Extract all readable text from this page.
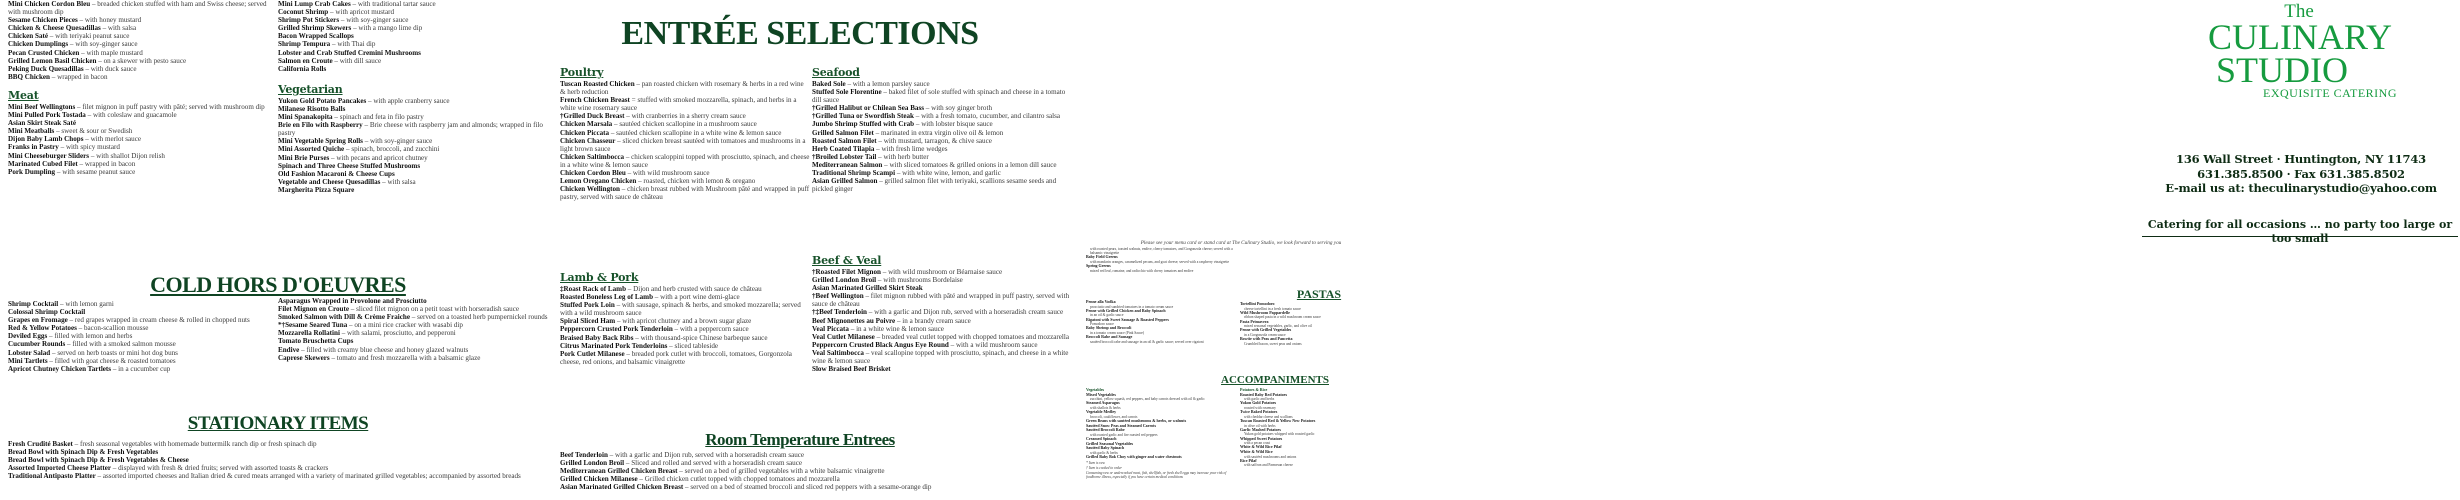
Mini Chicken Cordon Bleu – breaded chicken stuffed with ham and Swiss cheese; served with mushroom dip

Sesame Chicken Pieces – with honey mustard

Chicken & Cheese Quesadillas – with salsa

Chicken Saté – with teriyaki peanut sauce

Chicken Dumplings – with soy-ginger sauce

Pecan Crusted Chicken – with maple mustard

Grilled Lemon Basil Chicken – on a skewer with pesto sauce

Peking Duck Quesadillas – with duck sauce

BBQ Chicken – wrapped in bacon

Meat

Mini Beef Wellingtons – filet mignon in puff pastry with pâté; served with mushroom dip

Mini Pulled Pork Tostada – with coleslaw and guacamole

Asian Skirt Steak Saté

Mini Meatballs – sweet & sour or Swedish

Dijon Baby Lamb Chops – with merlot sauce

Franks in Pastry – with spicy mustard

Mini Cheeseburger Sliders – with shallot Dijon relish

Marinated Cubed Filet – wrapped in bacon

Pork Dumpling – with sesame peanut sauce

Mini Lump Crab Cakes – with traditional tartar sauce

Coconut Shrimp – with apricot mustard

Shrimp Pot Stickers – with soy-ginger sauce

Grilled Shrimp Skewers – with a mango lime dip

Bacon Wrapped Scallops

Shrimp Tempura – with Thai dip

Lobster and Crab Stuffed Cremini Mushrooms

Salmon en Croute – with dill sauce

California Rolls

Vegetarian

Yukon Gold Potato Pancakes – with apple cranberry sauce

Milanese Risotto Balls

Mini Spanakopita – spinach and feta in filo pastry

Brie en Filo with Raspberry – Brie cheese with raspberry jam and almonds; wrapped in filo pastry

Mini Vegetable Spring Rolls – with soy-ginger sauce

Mini Assorted Quiche – spinach, broccoli, and zucchini

Mini Brie Purses – with pecans and apricot chutney

Spinach and Three Cheese Stuffed Mushrooms

Old Fashion Macaroni & Cheese Cups

Vegetable and Cheese Quesadillas – with salsa

Margherita Pizza Square

COLD HORS D'OEUVRES

Shrimp Cocktail – with lemon garni

Colossal Shrimp Cocktail

Grapes en Fromage – red grapes wrapped in cream cheese & rolled in chopped nuts

Red & Yellow Potatoes – bacon-scallion mousse

Deviled Eggs – filled with lemon and herbs

Cucumber Rounds – filled with a smoked salmon mousse

Lobster Salad – served on herb toasts or mini hot dog buns

Mini Tartlets – filled with goat cheese & roasted tomatoes

Apricot Chutney Chicken Tartlets – in a cucumber cup

Asparagus Wrapped in Provolone and Prosciutto

Filet Mignon en Croute – sliced filet mignon on a petit toast with horseradish sauce

Smoked Salmon with Dill & Crème Fraiche – served on a toasted herb pumpernickel rounds

*†Sesame Seared Tuna – on a mini rice cracker with wasabi dip

Mozzarella Rollatini – with salami, prosciutto, and pepperoni

Tomato Bruschetta Cups

Endive – filled with creamy blue cheese and honey glazed walnuts

Caprese Skewers – tomato and fresh mozzarella with a balsamic glaze

STATIONARY ITEMS

Fresh Crudité Basket – fresh seasonal vegetables with homemade buttermilk ranch dip or fresh spinach dip

Bread Bowl with Spinach Dip & Fresh Vegetables

Bread Bowl with Spinach Dip & Fresh Vegetables & Cheese

Assorted Imported Cheese Platter – displayed with fresh & dried fruits; served with assorted toasts & crackers

Traditional Antipasto Platter – assorted imported cheeses and Italian dried & cured meats arranged with a variety of marinated grilled vegetables; accompanied by assorted breads

ENTRÉE SELECTIONS
Poultry

Tuscan Roasted Chicken – pan roasted chicken with rosemary & herbs in a red wine & herb reduction

French Chicken Breast = stuffed with smoked mozzarella, spinach, and herbs in a white wine rosemary sauce

†Grilled Duck Breast – with cranberries in a sherry cream sauce

Chicken Marsala – sautéed chicken scallopine in a mushroom sauce

Chicken Piccata – sautéed chicken scallopine in a white wine & lemon sauce

Chicken Chasseur – sliced chicken breast sautéed with tomatoes and mushrooms in a light brown sauce

Chicken Saltimbocca – chicken scaloppini topped with prosciutto, spinach, and cheese in a white wine & lemon sauce

Chicken Cordon Bleu – with wild mushroom sauce

Lemon Oregano Chicken – roasted, chicken with lemon & oregano

Chicken Wellington – chicken breast rubbed with Mushroom pâté and wrapped in puff pastry, served with sauce de château

Seafood

Baked Sole – with a lemon parsley sauce

Stuffed Sole Florentine – baked filet of sole stuffed with spinach and cheese in a tomato dill sauce

†Grilled Halibut or Chilean Sea Bass – with soy ginger broth

†Grilled Tuna or Swordfish Steak – with a fresh tomato, cucumber, and cilantro salsa

Jumbo Shrimp Stuffed with Crab – with lobster bisque sauce

Grilled Salmon Filet – marinated in extra virgin olive oil & lemon

Roasted Salmon Filet – with mustard, tarragon, & chive sauce

Herb Coated Tilapia – with fresh lime wedges

†Broiled Lobster Tail – with herb butter

Mediterranean Salmon – with sliced tomatoes & grilled onions in a lemon dill sauce

Traditional Shrimp Scampi – with white wine, lemon, and garlic

Asian Grilled Salmon – grilled salmon filet with teriyaki, scallions sesame seeds and pickled ginger

Lamb & Pork

‡Roast Rack of Lamb – Dijon and herb crusted with sauce de château

Roasted Boneless Leg of Lamb – with a port wine demi-glace

Stuffed Pork Loin – with sausage, spinach & herbs, and smoked mozzarella; served with a wild mushroom sauce

Spiral Sliced Ham – with apricot chutney and a brown sugar glaze

Peppercorn Crusted Pork Tenderloin – with a peppercorn sauce

Braised Baby Back Ribs – with thousand-spice Chinese barbeque sauce

Citrus Marinated Pork Tenderloins – sliced tableside

Pork Cutlet Milanese – breaded pork cutlet with broccoli, tomatoes, Gorgonzola cheese, red onions, and balsamic vinaigrette

Beef & Veal

†Roasted Filet Mignon – with wild mushroom or Béarnaise sauce

Grilled London Broil – with mushrooms Bordelaise

Asian Marinated Grilled Skirt Steak

†Beef Wellington – filet mignon rubbed with pâté and wrapped in puff pastry, served with sauce de château

†‡Beef Tenderloin – with a garlic and Dijon rub, served with a horseradish cream sauce

Beef Mignonettes au Poivre – in a brandy cream sauce

Veal Piccata – in a white wine & lemon sauce

Veal Cutlet Milanese – breaded veal cutlet topped with chopped tomatoes and mozzarella

Peppercorn Crusted Black Angus Eye Round – with a wild mushroom sauce

Veal Saltimbocca – veal scallopine topped with prosciutto, spinach, and cheese in a white wine & lemon sauce

Slow Braised Beef Brisket

Room Temperature Entrees

Beef Tenderloin – with a garlic and Dijon rub, served with a horseradish cream sauce

Grilled London Broil – Sliced and rolled and served with a horseradish cream sauce

Mediterranean Grilled Chicken Breast – served on a bed of grilled vegetables with a white balsamic vinaigrette

Grilled Chicken Milanese – Grilled chicken cutlet topped with chopped tomatoes and mozzarella

Asian Marinated Grilled Chicken Breast – served on a bed of steamed broccoli and sliced red peppers with a sesame-orange dip

The
CULINARY
STUDIO
EXQUISITE CATERING
136 Wall Street · Huntington, NY 11743
631.385.8500 · Fax 631.385.8502
E-mail us at: theculinarystudio@yahoo.com
Catering for all occasions … no party too large or too small
Please see your menu card or stand card at The Culinary Studio, we look forward to serving you
with roasted pears, toasted walnuts, endive, cherry tomatoes, and Gorgonzola cheese; served with a balsamic vinaigrette
Baby Field Greens
with mandarin oranges, caramelized pecans, and goat cheese; served with a raspberry vinaigrette
Spring Greens
mixed red leaf, romaine, and radicchio with cherry tomatoes and endive
PASTAS
Tortellini Pomodoro
cheese tortellini in a fresh tomato sauce
Wild Mushroom Pappardelle
ribbon shaped pasta in a wild mushroom cream sauce
Pasta Primavera
mixed seasonal vegetables, garlic, and olive oil
Penne with Grilled Vegetables
in a Gorgonzola cream sauce
Bowtie with Peas and Pancetta
Crumbled bacon, sweet peas and onions
Penne alla Vodka
prosciutto and sundried tomatoes in a tomato cream sauce
Penne with Grilled Chicken and Baby Spinach
in an oil & garlic sauce
Rigatoni with Sweet Sausage & Roasted Peppers
Pomodoro sauce
Baby Shrimp and Broccoli
in a tomato cream sauce (Pink Sauce)
Broccoli Rabe and Sausage
sautéed broccoli rabe and sausage in an oil & garlic sauce; served over rigatoni
ACCOMPANIMENTS
Vegetables
Mixed Vegetables
zucchini, yellow squash, red peppers, and baby carrots dressed with oil & garlic
Steamed Asparagus
with shallots & herbs
Vegetable Medley
broccoli, cauliflower, and carrots
Green Beans with sautéed mushrooms & herbs, or walnuts
Sautéed Snow Peas and Steamed Carrots
Sautéed Broccoli Rabe
with roasted garlic and fire roasted red peppers
Creamed Spinach
Grilled Seasonal Vegetables
Sautéed Baby Spinach
with garlic & herbs
Grilled Baby Bok Choy with ginger and water chestnuts
* Item is raw
† Item is cooked to order
Consuming raw or undercooked meat, fish, shellfish, or fresh shell eggs may increase your risk of foodborne illness, especially if you have certain medical conditions
Potatoes & Rice
Roasted Baby Red Potatoes
with garlic and herbs
Yukon Gold Potatoes
roasted with rosemary
Twice Baked Potatoes
with cheddar cheese and scallions
Tuscan Roasted Red & Yellow New Potatoes
in olive oil with herbs
Garlic Mashed Potatoes
Yukon gold potatoes whipped with roasted garlic
Whipped Sweet Potatoes
with a pecan crust
White & Wild Rice Pilaf
White & Wild Rice
with sautéed mushrooms and onions
Rice Pilaf
with saffron and Parmesan cheese
